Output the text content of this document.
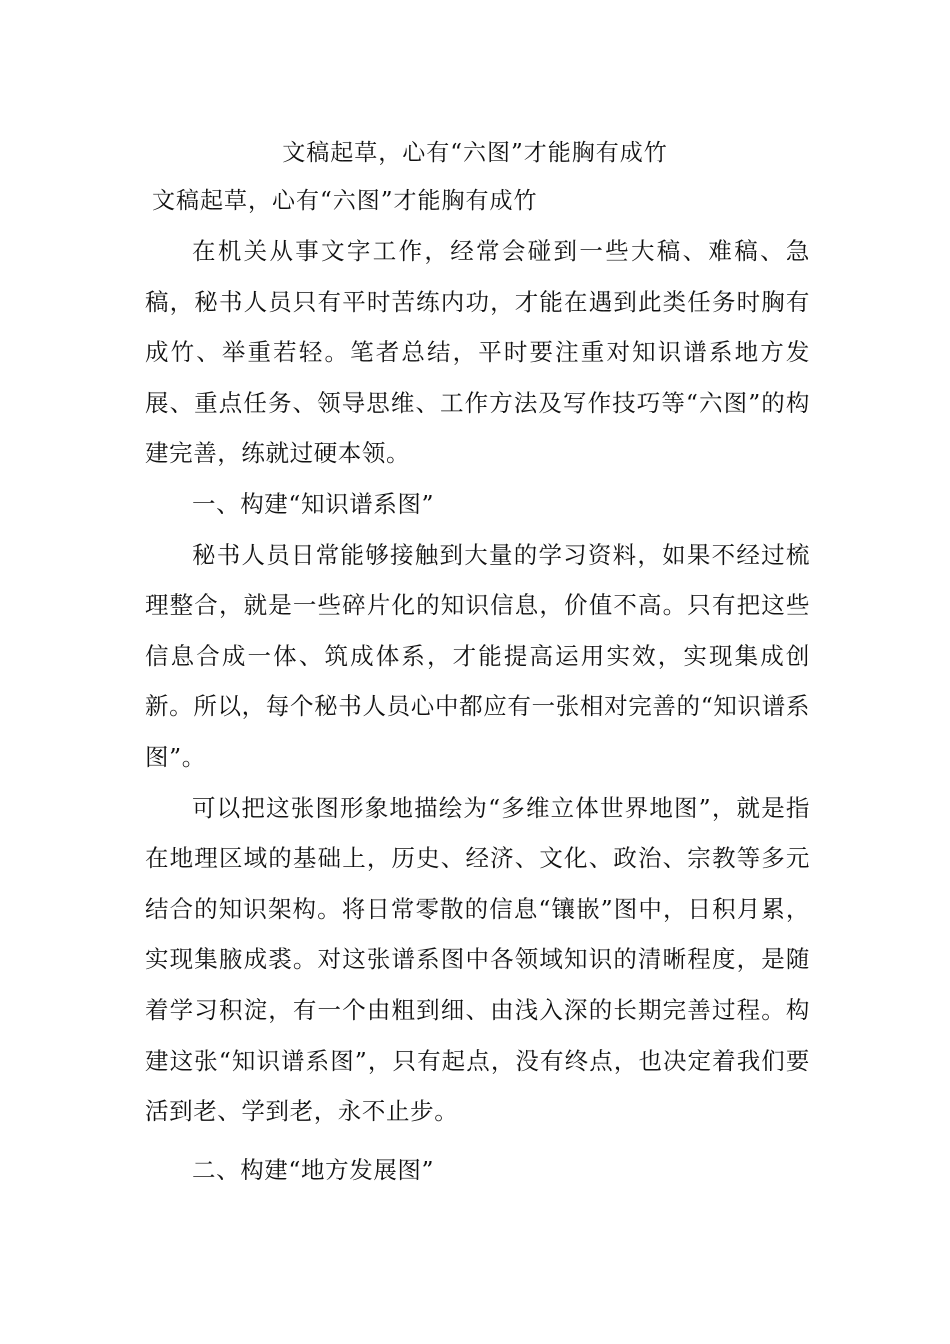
文稿起草，心有“六图”才能胸有成竹
文稿起草，心有“六图”才能胸有成竹

在机关从事文字工作，经常会碰到一些大稿、难稿、急稿，秘书人员只有平时苦练内功，才能在遇到此类任务时胸有成竹、举重若轻。笔者总结，平时要注重对知识谱系地方发展、重点任务、领导思维、工作方法及写作技巧等“六图”的构建完善，练就过硬本领。

一、构建“知识谱系图”

秘书人员日常能够接触到大量的学习资料，如果不经过梳理整合，就是一些碎片化的知识信息，价值不高。只有把这些信息合成一体、筑成体系，才能提高运用实效，实现集成创新。所以，每个秘书人员心中都应有一张相对完善的“知识谱系图”。

可以把这张图形象地描绘为“多维立体世界地图”，就是指在地理区域的基础上，历史、经济、文化、政治、宗教等多元结合的知识架构。将日常零散的信息“镶嵌”图中，日积月累，实现集腋成裘。对这张谱系图中各领域知识的清晰程度，是随着学习积淀，有一个由粗到细、由浅入深的长期完善过程。构建这张“知识谱系图”，只有起点，没有终点，也决定着我们要活到老、学到老，永不止步。

二、构建“地方发展图”
